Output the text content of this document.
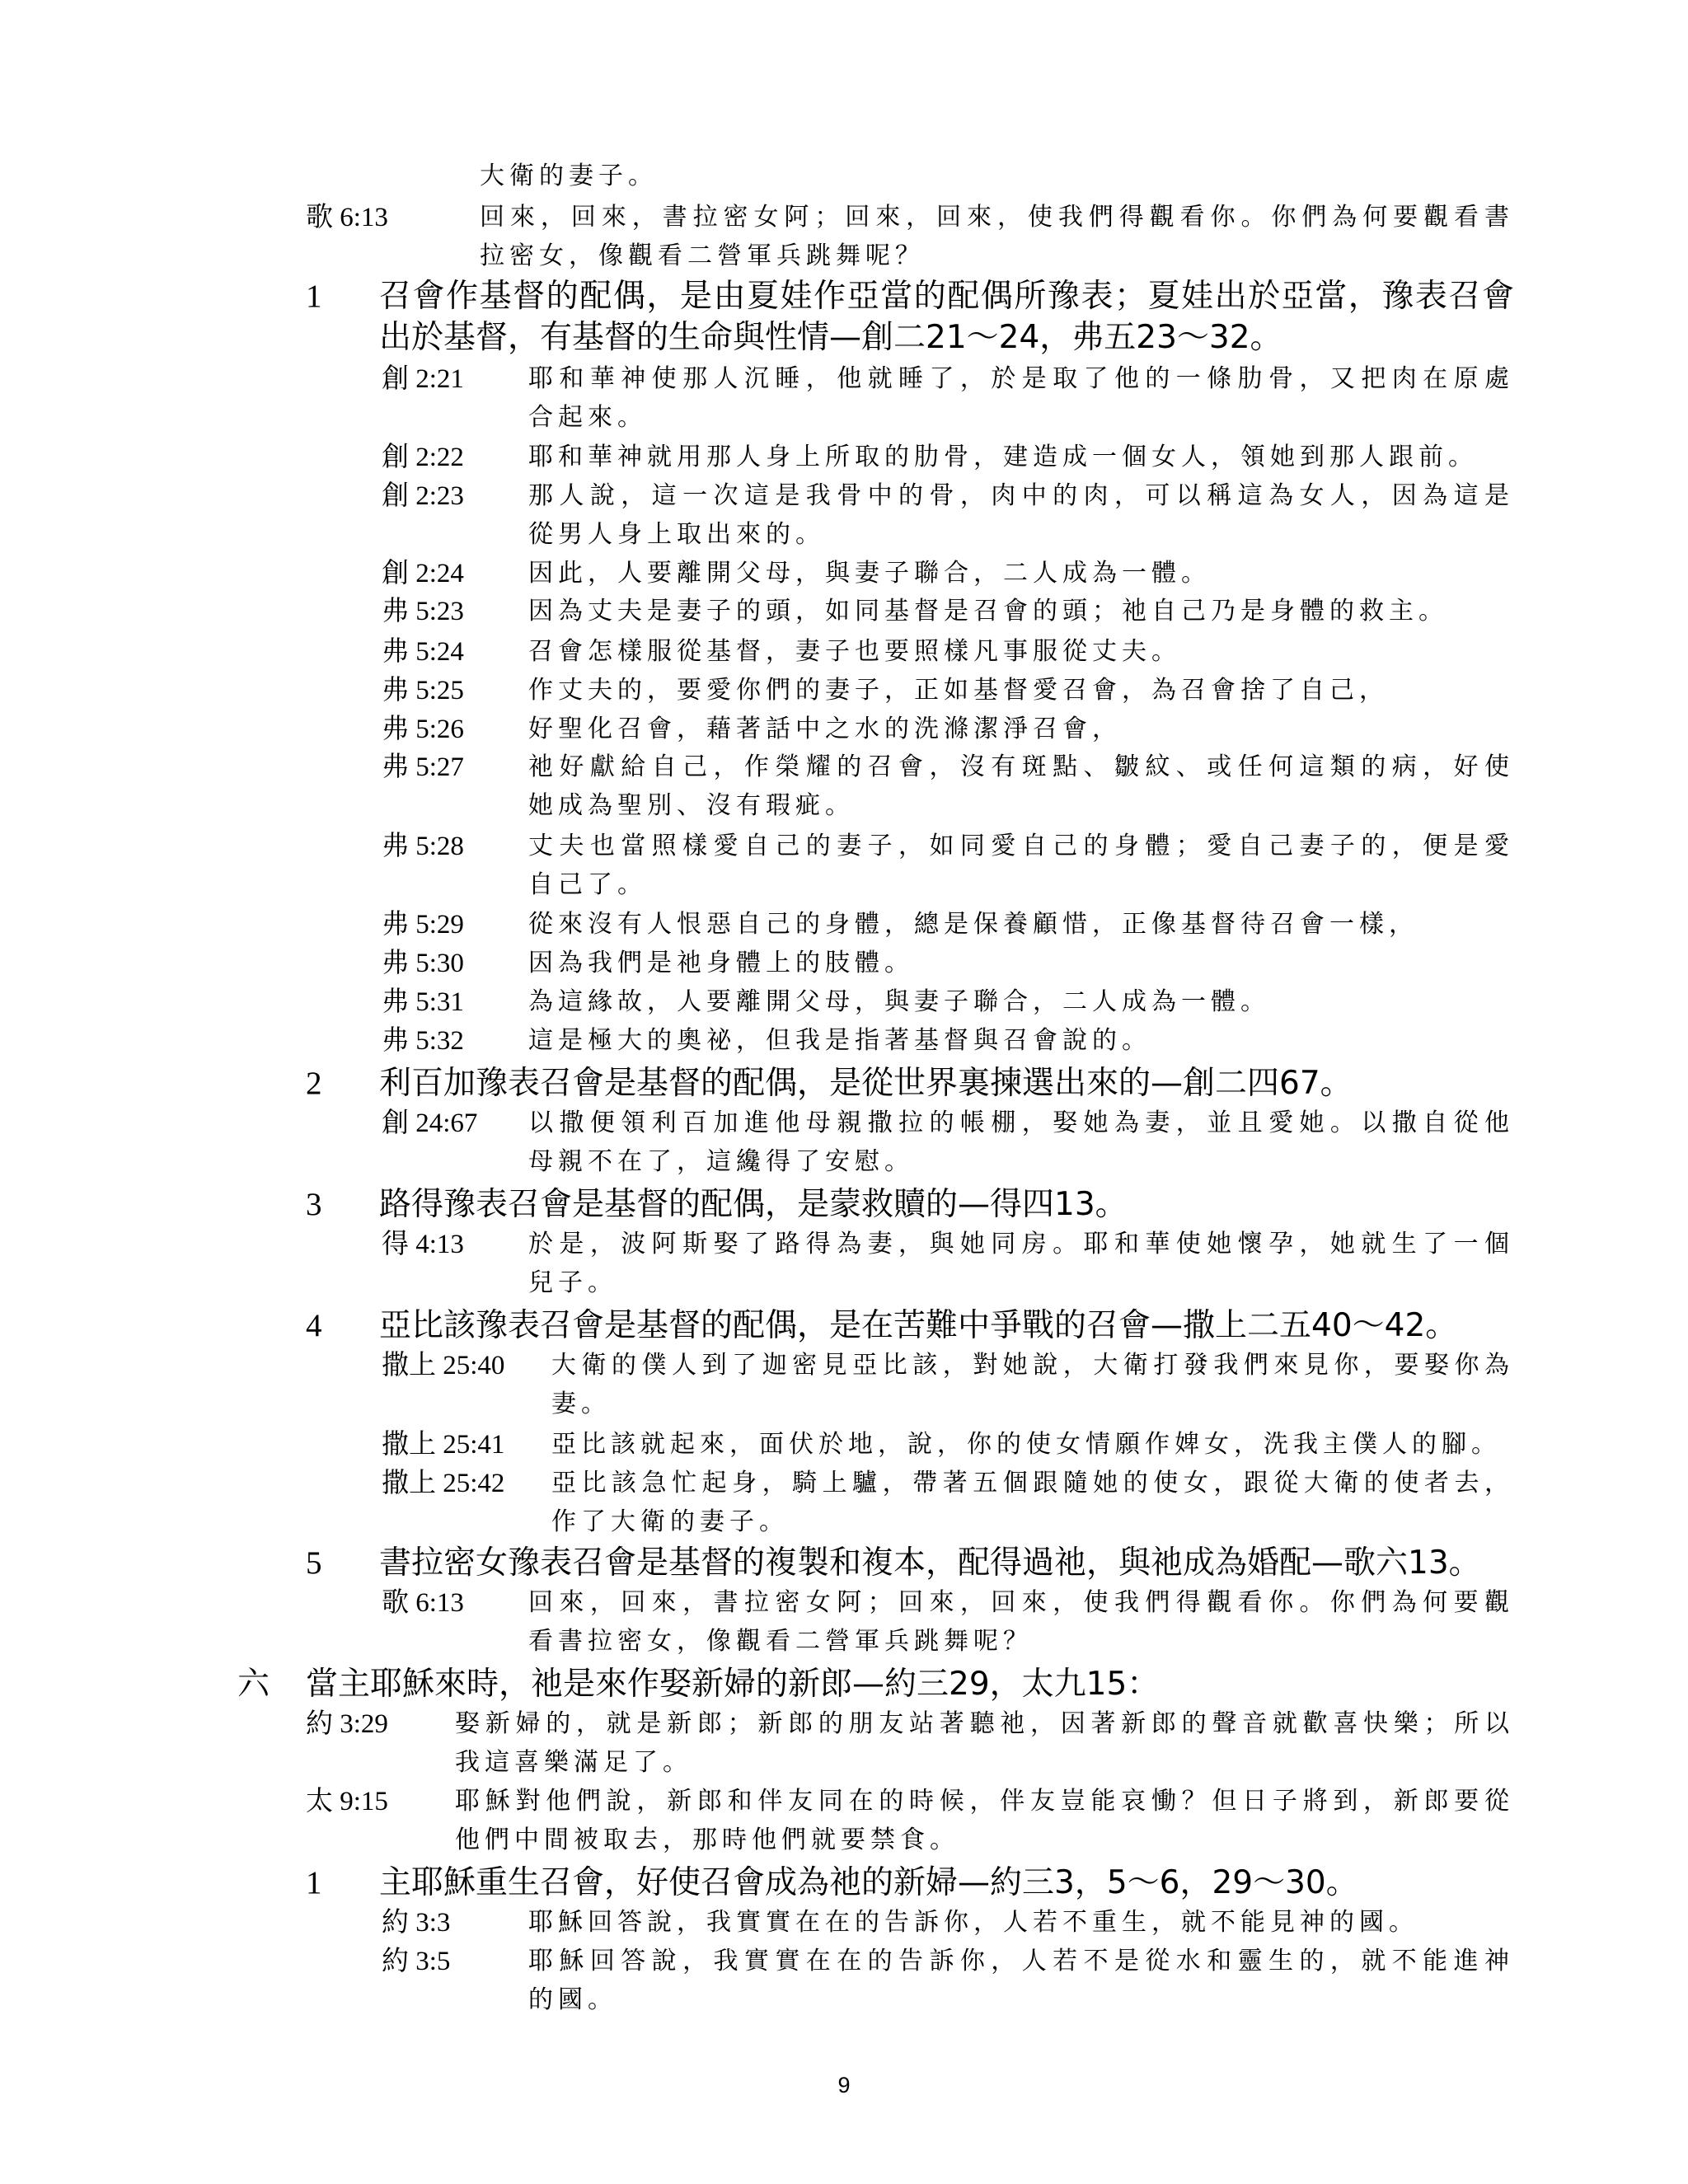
大衛的妻子。
歌 6:13	回來，回來，書拉密女阿；回來，回來，使我們得觀看你。你們為何要觀看書
拉密女，像觀看二營軍兵跳舞呢？
1 召會作基督的配偶，是由夏娃作亞當的配偶所豫表；夏娃出於亞當，豫表召會
出於基督，有基督的生命與性情—創二21～24，弗五23～32。
創 2:21	耶和華神使那人沉睡，他就睡了，於是取了他的一條肋骨，又把肉在原處
合起來。
創 2:22	耶和華神就用那人身上所取的肋骨，建造成一個女人，領她到那人跟前。
創 2:23	那人說，這一次這是我骨中的骨，肉中的肉，可以稱這為女人，因為這是
從男人身上取出來的。
創 2:24	因此，人要離開父母，與妻子聯合，二人成為一體。
弗 5:23	因為丈夫是妻子的頭，如同基督是召會的頭；祂自己乃是身體的救主。
弗 5:24	召會怎樣服從基督，妻子也要照樣凡事服從丈夫。
弗 5:25	作丈夫的，要愛你們的妻子，正如基督愛召會，為召會捨了自己，
弗 5:26	好聖化召會，藉著話中之水的洗滌潔淨召會，
弗 5:27	祂好獻給自己，作榮耀的召會，沒有斑點、皺紋、或任何這類的病，好使
她成為聖別、沒有瑕疵。
弗 5:28	丈夫也當照樣愛自己的妻子，如同愛自己的身體；愛自己妻子的，便是愛
自己了。
弗 5:29	從來沒有人恨惡自己的身體，總是保養顧惜，正像基督待召會一樣，
弗 5:30	因為我們是祂身體上的肢體。
弗 5:31	為這緣故，人要離開父母，與妻子聯合，二人成為一體。
弗 5:32	這是極大的奧祕，但我是指著基督與召會說的。
2 利百加豫表召會是基督的配偶，是從世界裏揀選出來的—創二四67。
創 24:67 以撒便領利百加進他母親撒拉的帳棚，娶她為妻，並且愛她。以撒自從他
母親不在了，這纔得了安慰。
3 路得豫表召會是基督的配偶，是蒙救贖的—得四13。
得 4:13	於是，波阿斯娶了路得為妻，與她同房。耶和華使她懷孕，她就生了一個
兒子。
4 亞比該豫表召會是基督的配偶，是在苦難中爭戰的召會—撒上二五40～42。
撒上 25:40 大衛的僕人到了迦密見亞比該，對她說，大衛打發我們來見你，要娶你為
妻。
撒上 25:41 亞比該就起來，面伏於地，說，你的使女情願作婢女，洗我主僕人的腳。
撒上 25:42 亞比該急忙起身，騎上驢，帶著五個跟隨她的使女，跟從大衛的使者去，
作了大衛的妻子。
5 書拉密女豫表召會是基督的複製和複本，配得過祂，與祂成為婚配—歌六13。
歌 6:13	回來，回來，書拉密女阿；回來，回來，使我們得觀看你。你們為何要觀
看書拉密女，像觀看二營軍兵跳舞呢？
六 當主耶穌來時，祂是來作娶新婦的新郎—約三29，太九15：
約 3:29	娶新婦的，就是新郎；新郎的朋友站著聽祂，因著新郎的聲音就歡喜快樂；所以
我這喜樂滿足了。
太 9:15	耶穌對他們說，新郎和伴友同在的時候，伴友豈能哀慟？但日子將到，新郎要從
他們中間被取去，那時他們就要禁食。
1 主耶穌重生召會，好使召會成為祂的新婦—約三3，5～6，29～30。
約 3:3	耶穌回答說，我實實在在的告訴你，人若不重生，就不能見神的國。
約 3:5	耶穌回答說，我實實在在的告訴你，人若不是從水和靈生的，就不能進神
的國。
9
